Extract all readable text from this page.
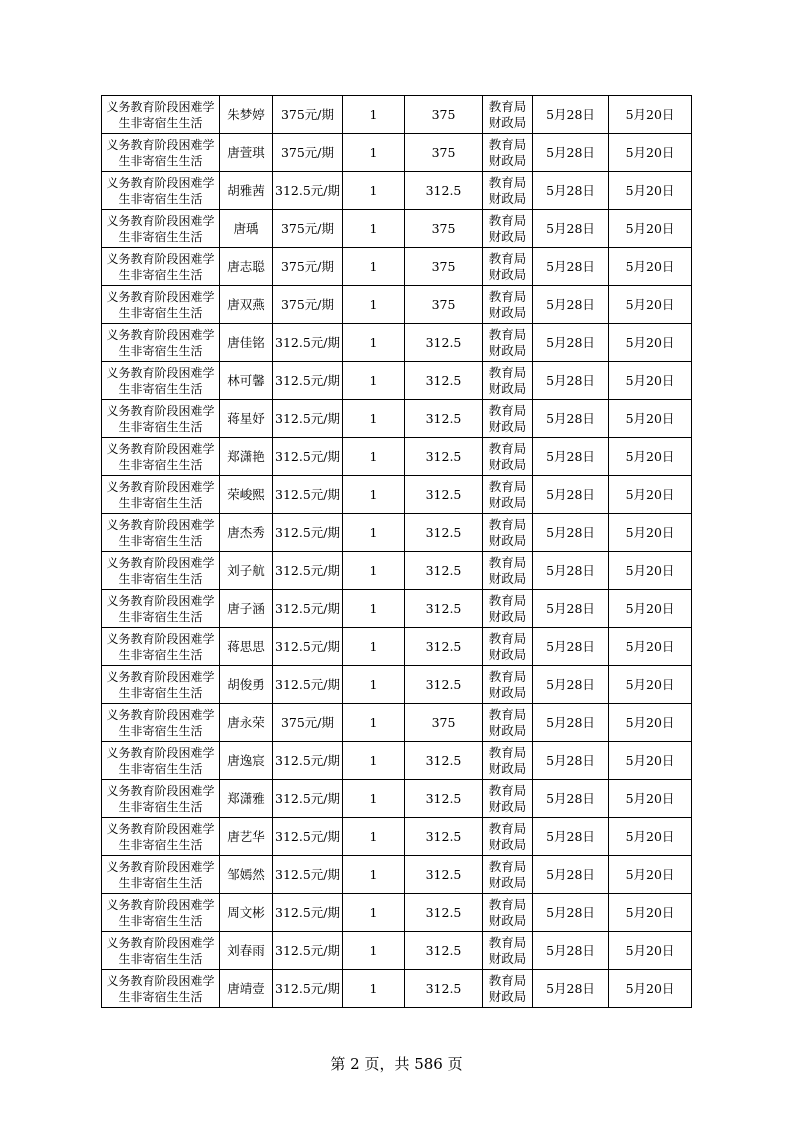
义务教育阶段困难学生非寄宿生生活	朱梦婷	375元/期	1	375	教育局财政局	5月28日	5月20日
义务教育阶段困难学生非寄宿生生活	唐萱琪	375元/期	1	375	教育局财政局	5月28日	5月20日
义务教育阶段困难学生非寄宿生生活	胡雅茜	312.5元/期	1	312.5	教育局财政局	5月28日	5月20日
义务教育阶段困难学生非寄宿生生活	唐瑀	375元/期	1	375	教育局财政局	5月28日	5月20日
义务教育阶段困难学生非寄宿生生活	唐志聪	375元/期	1	375	教育局财政局	5月28日	5月20日
义务教育阶段困难学生非寄宿生生活	唐双燕	375元/期	1	375	教育局财政局	5月28日	5月20日
义务教育阶段困难学生非寄宿生生活	唐佳铭	312.5元/期	1	312.5	教育局财政局	5月28日	5月20日
义务教育阶段困难学生非寄宿生生活	林可馨	312.5元/期	1	312.5	教育局财政局	5月28日	5月20日
义务教育阶段困难学生非寄宿生生活	蒋星妤	312.5元/期	1	312.5	教育局财政局	5月28日	5月20日
义务教育阶段困难学生非寄宿生生活	郑潇艳	312.5元/期	1	312.5	教育局财政局	5月28日	5月20日
义务教育阶段困难学生非寄宿生生活	荣峻熙	312.5元/期	1	312.5	教育局财政局	5月28日	5月20日
义务教育阶段困难学生非寄宿生生活	唐杰秀	312.5元/期	1	312.5	教育局财政局	5月28日	5月20日
义务教育阶段困难学生非寄宿生生活	刘子航	312.5元/期	1	312.5	教育局财政局	5月28日	5月20日
义务教育阶段困难学生非寄宿生生活	唐子涵	312.5元/期	1	312.5	教育局财政局	5月28日	5月20日
义务教育阶段困难学生非寄宿生生活	蒋思思	312.5元/期	1	312.5	教育局财政局	5月28日	5月20日
义务教育阶段困难学生非寄宿生生活	胡俊勇	312.5元/期	1	312.5	教育局财政局	5月28日	5月20日
义务教育阶段困难学生非寄宿生生活	唐永荣	375元/期	1	375	教育局财政局	5月28日	5月20日
义务教育阶段困难学生非寄宿生生活	唐逸宸	312.5元/期	1	312.5	教育局财政局	5月28日	5月20日
义务教育阶段困难学生非寄宿生生活	郑潇雅	312.5元/期	1	312.5	教育局财政局	5月28日	5月20日
义务教育阶段困难学生非寄宿生生活	唐艺华	312.5元/期	1	312.5	教育局财政局	5月28日	5月20日
义务教育阶段困难学生非寄宿生生活	邹嫣然	312.5元/期	1	312.5	教育局财政局	5月28日	5月20日
义务教育阶段困难学生非寄宿生生活	周文彬	312.5元/期	1	312.5	教育局财政局	5月28日	5月20日
义务教育阶段困难学生非寄宿生生活	刘春雨	312.5元/期	1	312.5	教育局财政局	5月28日	5月20日
义务教育阶段困难学生非寄宿生生活	唐靖壹	312.5元/期	1	312.5	教育局财政局	5月28日	5月20日
第 2 页，共 586 页
